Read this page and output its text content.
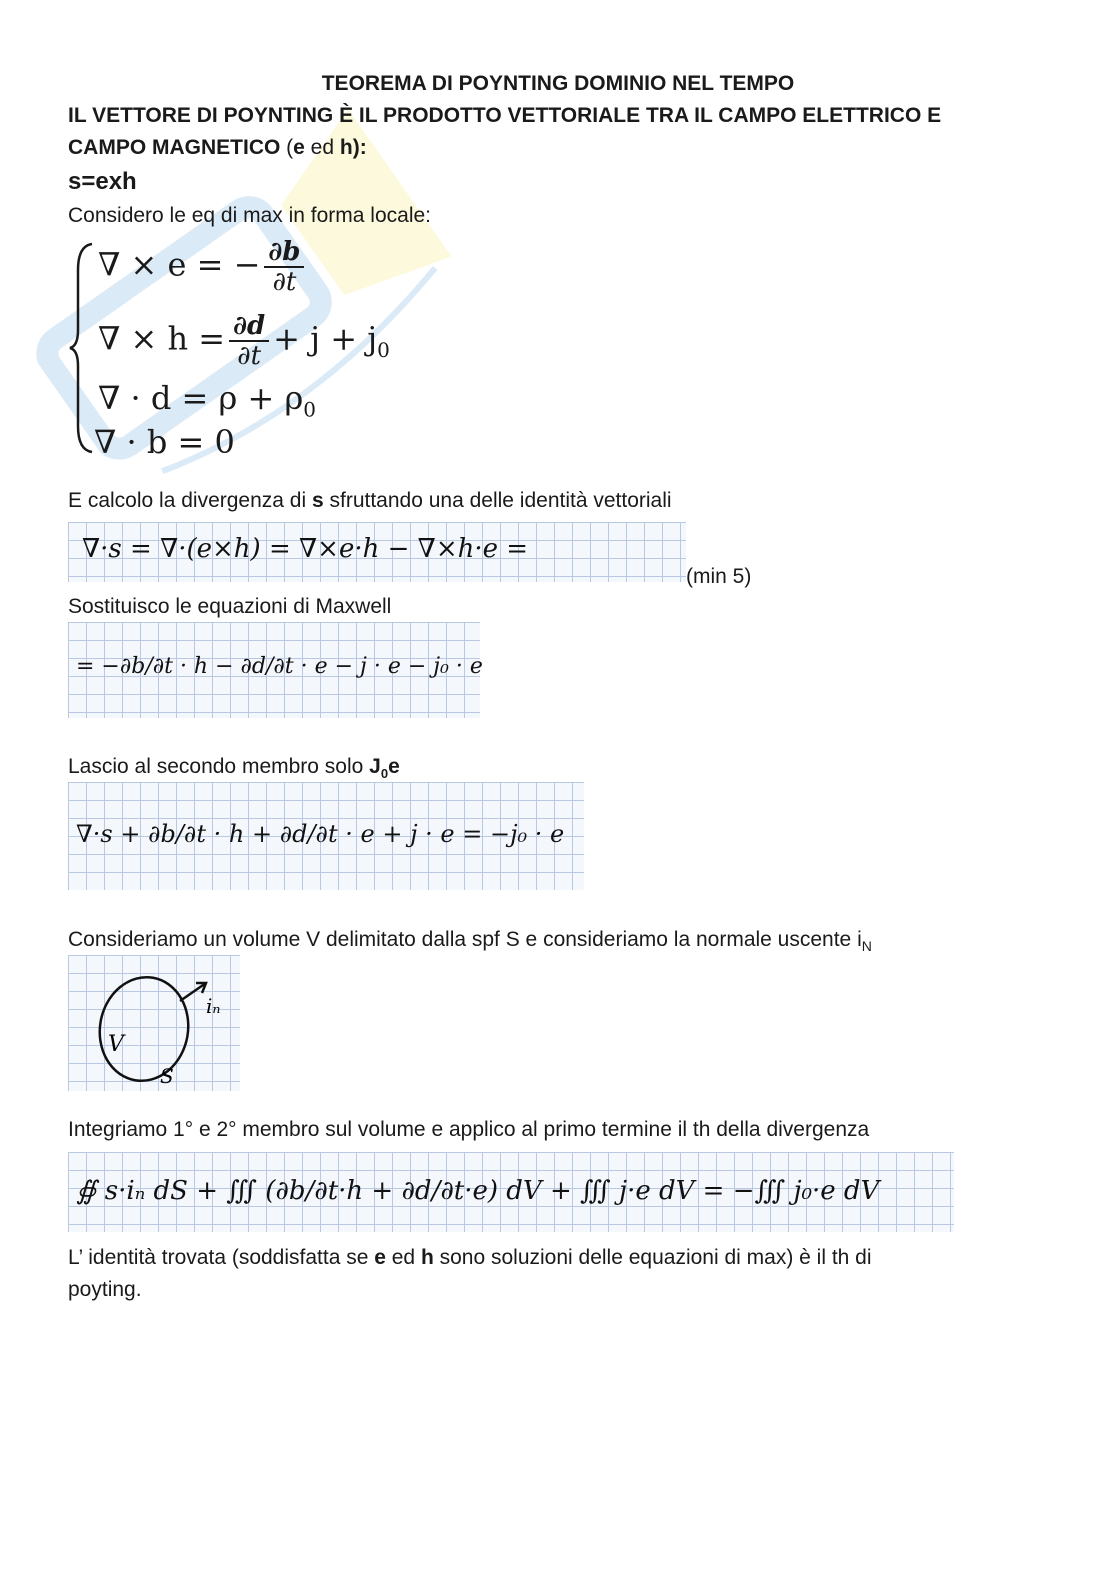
TEOREMA DI POYNTING DOMINIO NEL TEMPO
IL VETTORE DI POYNTING È IL PRODOTTO VETTORIALE TRA IL CAMPO ELETTRICO E
CAMPO MAGNETICO (e ed h):
s=exh
Considero le eq di max in forma locale:
∇ × e = − $\frac{\partial b}{\partial t}$
∇ × $h = \frac{\partial d}{\partial t} + j + j_0$
∇ · $d = \rho + \rho_0$
∇ · b = 0
E calcolo la divergenza di s sfruttando una delle identità vettoriali
∇·s = ∇·(e×h) = ∇×e·h − ∇×h·e =
(min 5)
Sostituisco le equazioni di Maxwell
= −∂b/∂t · h − ∂d/∂t · e − j · e − j₀ · e
Lascio al secondo membro solo $J_0e$
∇·s + ∂b/∂t · h + ∂d/∂t · e + j · e = −j₀ · e
Consideriamo un volume V delimitato dalla spf S e consideriamo la normale uscente $i_N$
V
S
iₙ
Integriamo 1° e 2° membro sul volume e applico al primo termine il th della divergenza
∯ s·iₙ dS + ∭ (∂b/∂t·h + ∂d/∂t·e) dV + ∭ j·e dV = −∭ j₀·e dV
L’ identità trovata (soddisfatta se e ed h sono soluzioni delle equazioni di max) è il th di
poyting.
